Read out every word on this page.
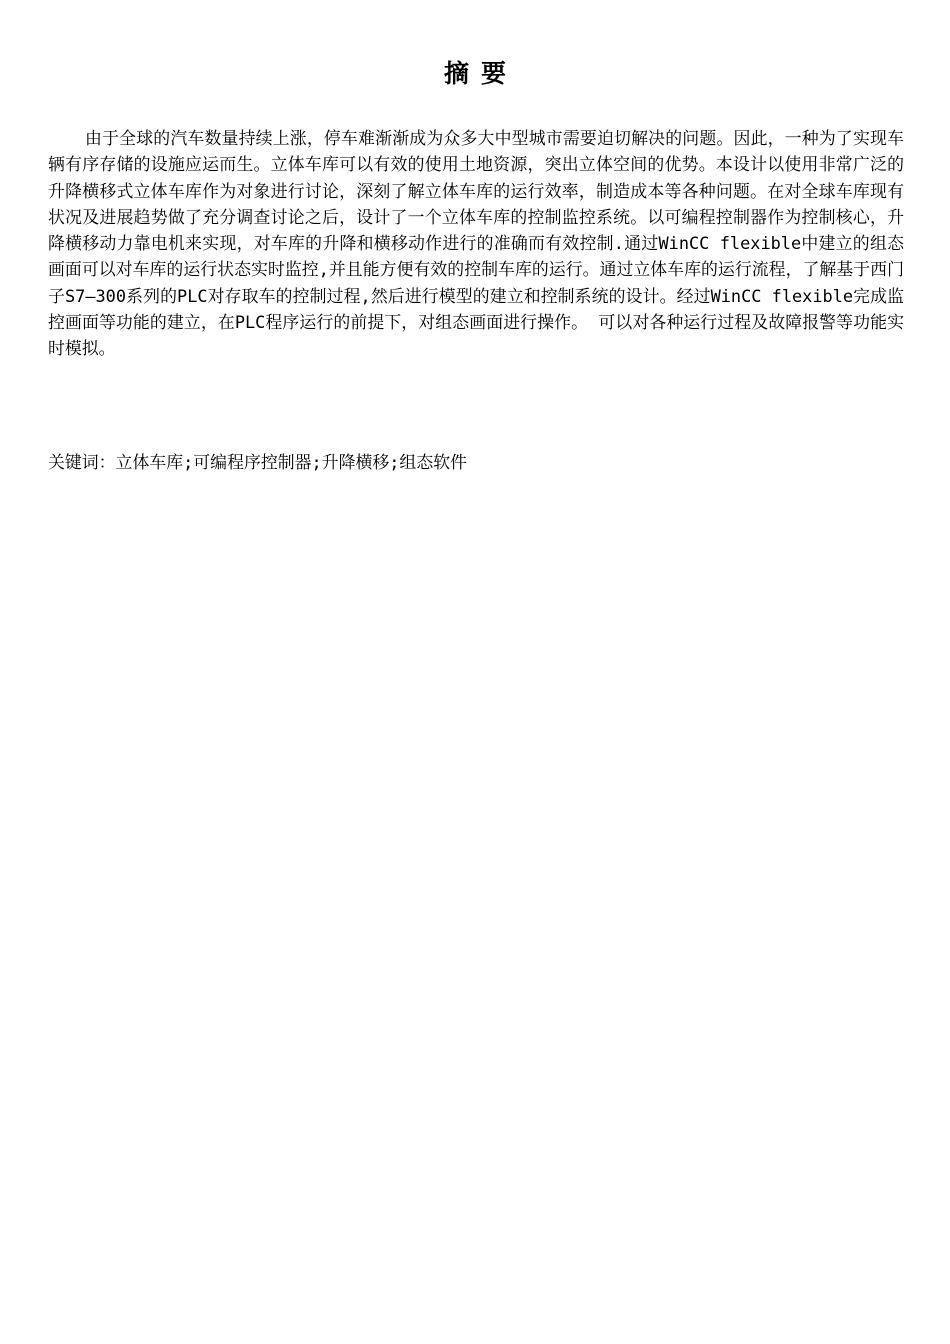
摘要

由于全球的汽车数量持续上涨，停车难渐渐成为众多大中型城市需要迫切解决的问题。因此，一种为了实现车辆有序存储的设施应运而生。立体车库可以有效的使用土地资源，突出立体空间的优势。本设计以使用非常广泛的升降横移式立体车库作为对象进行讨论，深刻了解立体车库的运行效率，制造成本等各种问题。在对全球车库现有状况及进展趋势做了充分调查讨论之后，设计了一个立体车库的控制监控系统。以可编程控制器作为控制核心，升降横移动力靠电机来实现，对车库的升降和横移动作进行的准确而有效控制.通过WinCC flexible中建立的组态画面可以对车库的运行状态实时监控,并且能方便有效的控制车库的运行。通过立体车库的运行流程，了解基于西门子S7—300系列的PLC对存取车的控制过程,然后进行模型的建立和控制系统的设计。经过WinCC flexible完成监控画面等功能的建立，在PLC程序运行的前提下，对组态画面进行操作。 可以对各种运行过程及故障报警等功能实时模拟。

关键词：立体车库;可编程序控制器;升降横移;组态软件
